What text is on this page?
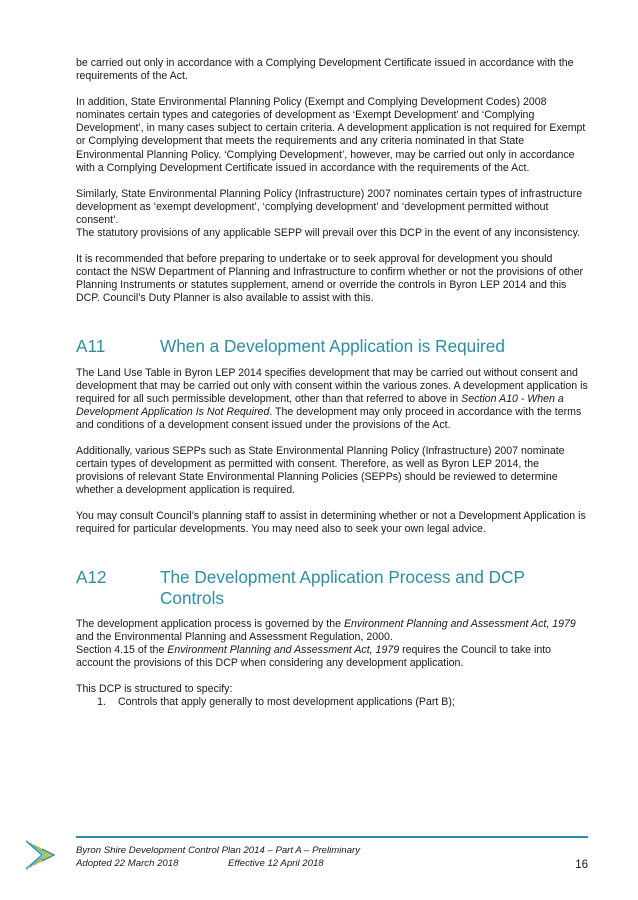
be carried out only in accordance with a Complying Development Certificate issued in accordance with the requirements of the Act.

In addition, State Environmental Planning Policy (Exempt and Complying Development Codes) 2008 nominates certain types and categories of development as ‘Exempt Development’ and ‘Complying Development’, in many cases subject to certain criteria. A development application is not required for Exempt or Complying development that meets the requirements and any criteria nominated in that State Environmental Planning Policy. ‘Complying Development’, however, may be carried out only in accordance with a Complying Development Certificate issued in accordance with the requirements of the Act.

Similarly, State Environmental Planning Policy (Infrastructure) 2007 nominates certain types of infrastructure development as ‘exempt development’, ‘complying development’ and ‘development permitted without consent’.

The statutory provisions of any applicable SEPP will prevail over this DCP in the event of any inconsistency.

It is recommended that before preparing to undertake or to seek approval for development you should contact the NSW Department of Planning and Infrastructure to confirm whether or not the provisions of other Planning Instruments or statutes supplement, amend or override the controls in Byron LEP 2014 and this DCP. Council’s Duty Planner is also available to assist with this.

A11	When a Development Application is Required

The Land Use Table in Byron LEP 2014 specifies development that may be carried out without consent and development that may be carried out only with consent within the various zones. A development application is required for all such permissible development, other than that referred to above in Section A10 - When a Development Application Is Not Required. The development may only proceed in accordance with the terms and conditions of a development consent issued under the provisions of the Act.

Additionally, various SEPPs such as State Environmental Planning Policy (Infrastructure) 2007 nominate certain types of development as permitted with consent. Therefore, as well as Byron LEP 2014, the provisions of relevant State Environmental Planning Policies (SEPPs) should be reviewed to determine whether a development application is required.

You may consult Council’s planning staff to assist in determining whether or not a Development Application is required for particular developments. You may need also to seek your own legal advice.

A12	The Development Application Process and DCP Controls

The development application process is governed by the Environment Planning and Assessment Act, 1979 and the Environmental Planning and Assessment Regulation, 2000.

Section 4.15 of the Environment Planning and Assessment Act, 1979 requires the Council to take into account the provisions of this DCP when considering any development application.

This DCP is structured to specify:

1.	Controls that apply generally to most development applications (Part B);
Byron Shire Development Control Plan 2014 – Part A – Preliminary
Adopted 22 March 2018	Effective 12 April 2018	16
